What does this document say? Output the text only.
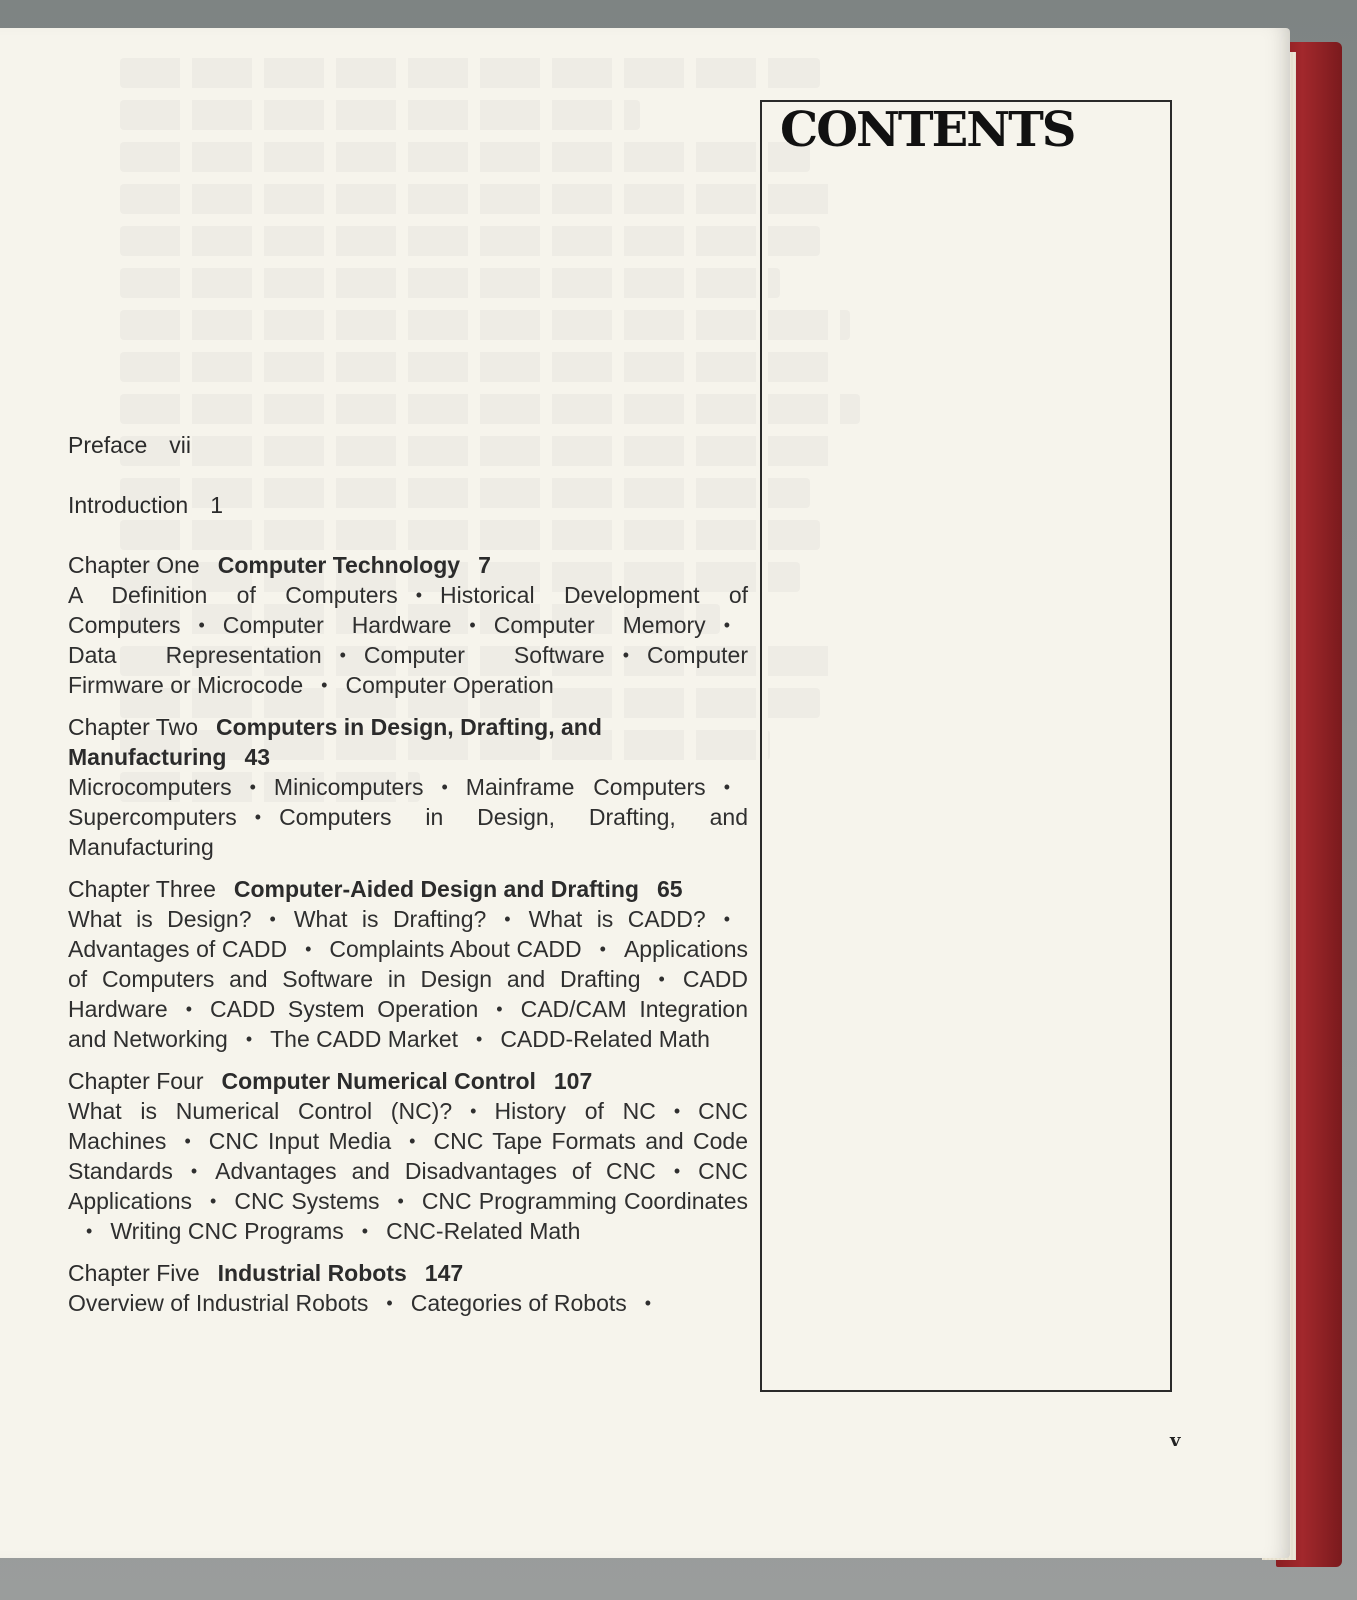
CONTENTS
Preface vii
Introduction 1
Chapter One Computer Technology 7
A Definition of Computers • Historical Development of Computers • Computer Hardware • Computer Memory •Data Representation • Computer Software • Computer Firmware or Microcode • Computer Operation
Chapter Two Computers in Design, Drafting, and Manufacturing 43
Microcomputers • Minicomputers • Mainframe Computers •Supercomputers • Computers in Design, Drafting, and Manufacturing
Chapter Three Computer-Aided Design and Drafting 65
What is Design? • What is Drafting? • What is CADD? •Advantages of CADD • Complaints About CADD • Applications of Computers and Software in Design and Drafting • CADD Hardware • CADD System Operation • CAD/CAM Integration and Networking • The CADD Market • CADD-Related Math
Chapter Four Computer Numerical Control 107
What is Numerical Control (NC)? • History of NC • CNC Machines • CNC Input Media • CNC Tape Formats and Code Standards • Advantages and Disadvantages of CNC • CNC Applications • CNC Systems • CNC Programming Coordinates• Writing CNC Programs • CNC-Related Math
Chapter Five Industrial Robots 147
Overview of Industrial Robots • Categories of Robots •
v
